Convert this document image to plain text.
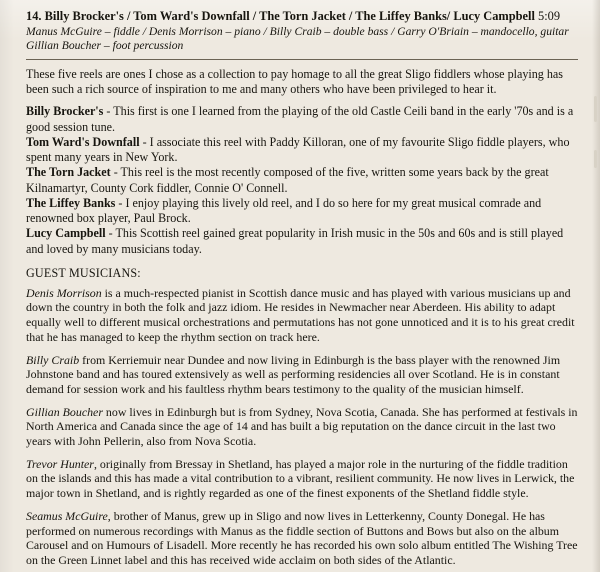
14. Billy Brocker's / Tom Ward's Downfall / The Torn Jacket / The Liffey Banks/ Lucy Campbell 5:09
Manus McGuire – fiddle / Denis Morrison – piano / Billy Craib – double bass / Garry O'Briain – mandocello, guitar Gillian Boucher – foot percussion

These five reels are ones I chose as a collection to pay homage to all the great Sligo fiddlers whose playing has been such a rich source of inspiration to me and many others who have been privileged to hear it.

Billy Brocker's - This first is one I learned from the playing of the old Castle Ceili band in the early '70s and is a good session tune.
Tom Ward's Downfall - I associate this reel with Paddy Killoran, one of my favourite Sligo fiddle players, who spent many years in New York.
The Torn Jacket - This reel is the most recently composed of the five, written some years back by the great Kilnamartyr, County Cork fiddler, Connie O' Connell.
The Liffey Banks - I enjoy playing this lively old reel, and I do so here for my great musical comrade and renowned box player, Paul Brock.
Lucy Campbell - This Scottish reel gained great popularity in Irish music in the 50s and 60s and is still played and loved by many musicians today.
GUEST MUSICIANS:

Denis Morrison is a much-respected pianist in Scottish dance music and has played with various musicians up and down the country in both the folk and jazz idiom. He resides in Newmacher near Aberdeen. His ability to adapt equally well to different musical orchestrations and permutations has not gone unnoticed and it is to his great credit that he has managed to keep the rhythm section on track here.

Billy Craib from Kerriemuir near Dundee and now living in Edinburgh is the bass player with the renowned Jim Johnstone band and has toured extensively as well as performing residencies all over Scotland. He is in constant demand for session work and his faultless rhythm bears testimony to the quality of the musician himself.

Gillian Boucher now lives in Edinburgh but is from Sydney, Nova Scotia, Canada. She has performed at festivals in North America and Canada since the age of 14 and has built a big reputation on the dance circuit in the last two years with John Pellerin, also from Nova Scotia.

Trevor Hunter, originally from Bressay in Shetland, has played a major role in the nurturing of the fiddle tradition on the islands and this has made a vital contribution to a vibrant, resilient community. He now lives in Lerwick, the major town in Shetland, and is rightly regarded as one of the finest exponents of the Shetland fiddle style.

Seamus McGuire, brother of Manus, grew up in Sligo and now lives in Letterkenny, County Donegal. He has performed on numerous recordings with Manus as the fiddle section of Buttons and Bows but also on the album Carousel and on Humours of Lisadell. More recently he has recorded his own solo album entitled The Wishing Tree on the Green Linnet label and this has received wide acclaim on both sides of the Atlantic.
